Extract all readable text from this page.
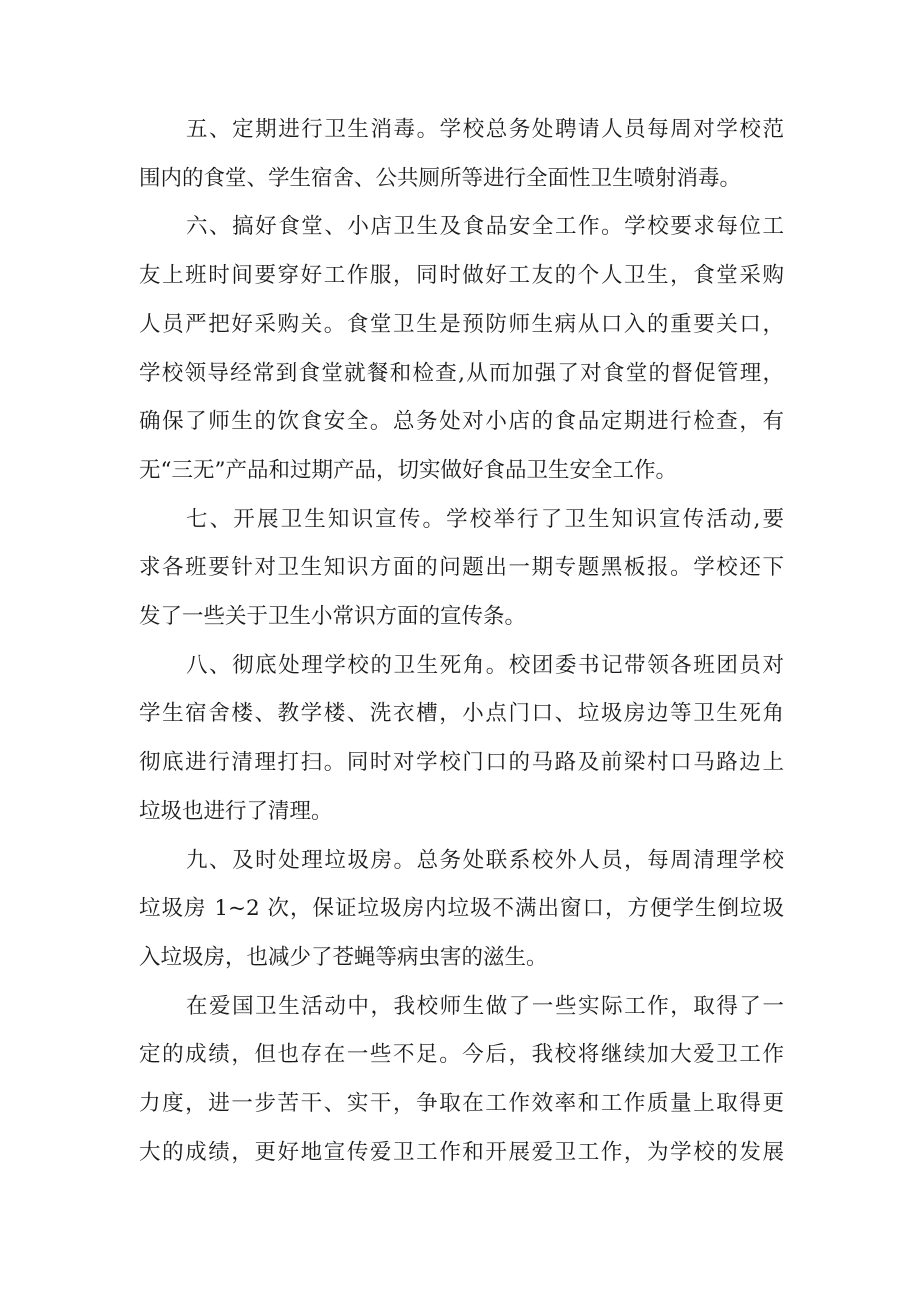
五、定期进行卫生消毒。学校总务处聘请人员每周对学校范
围内的食堂、学生宿舍、公共厕所等进行全面性卫生喷射消毒。
六、搞好食堂、小店卫生及食品安全工作。学校要求每位工
友上班时间要穿好工作服，同时做好工友的个人卫生，食堂采购
人员严把好采购关。食堂卫生是预防师生病从口入的重要关口，
学校领导经常到食堂就餐和检查,从而加强了对食堂的督促管理，
确保了师生的饮食安全。总务处对小店的食品定期进行检查，有
无“三无”产品和过期产品，切实做好食品卫生安全工作。
七、开展卫生知识宣传。学校举行了卫生知识宣传活动,要
求各班要针对卫生知识方面的问题出一期专题黑板报。学校还下
发了一些关于卫生小常识方面的宣传条。
八、彻底处理学校的卫生死角。校团委书记带领各班团员对
学生宿舍楼、教学楼、洗衣槽，小点门口、垃圾房边等卫生死角
彻底进行清理打扫。同时对学校门口的马路及前梁村口马路边上
垃圾也进行了清理。
九、及时处理垃圾房。总务处联系校外人员，每周清理学校
垃圾房 1~2 次，保证垃圾房内垃圾不满出窗口，方便学生倒垃圾
入垃圾房，也减少了苍蝇等病虫害的滋生。
在爱国卫生活动中，我校师生做了一些实际工作，取得了一
定的成绩，但也存在一些不足。今后，我校将继续加大爱卫工作
力度，进一步苦干、实干，争取在工作效率和工作质量上取得更
大的成绩，更好地宣传爱卫工作和开展爱卫工作，为学校的发展
